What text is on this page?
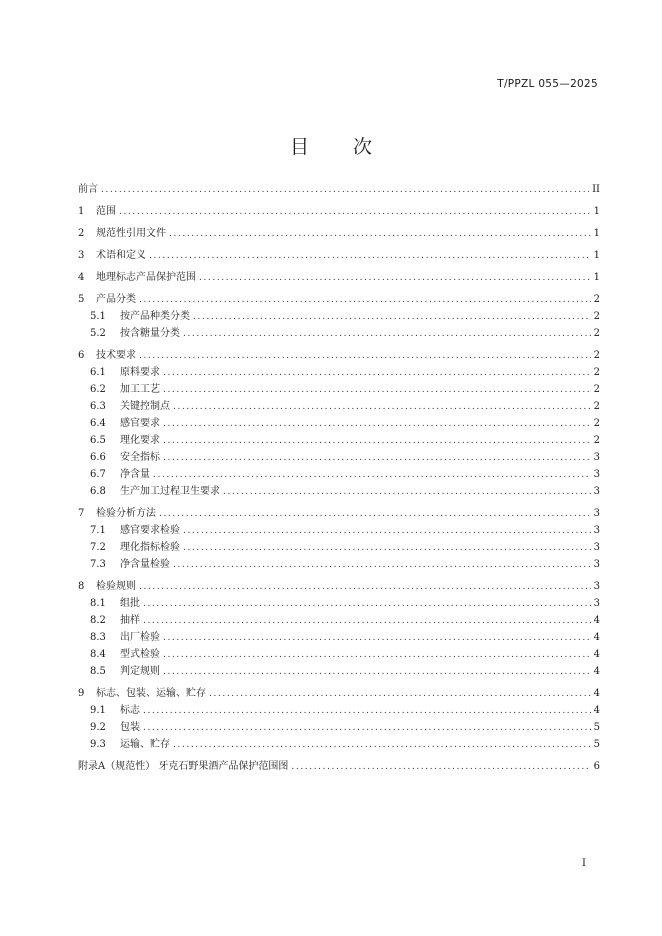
T/PPZL 055—2025
目 次
前言 .....	II
1	范围 .....	1
2	规范性引用文件 .....	1
3	术语和定义 .....	1
4	地理标志产品保护范围 .....	1
5	产品分类 .....	2
5.1	按产品种类分类 .....	2
5.2	按含糖量分类 .....	2
6	技术要求 .....	2
6.1	原料要求 .....	2
6.2	加工工艺 .....	2
6.3	关键控制点 .....	2
6.4	感官要求 .....	2
6.5	理化要求 .....	2
6.6	安全指标 .....	3
6.7	净含量 .....	3
6.8	生产加工过程卫生要求 .....	3
7	检验分析方法 .....	3
7.1	感官要求检验 .....	3
7.2	理化指标检验 .....	3
7.3	净含量检验 .....	3
8	检验规则 .....	3
8.1	组批 .....	3
8.2	抽样 .....	4
8.3	出厂检验 .....	4
8.4	型式检验 .....	4
8.5	判定规则 .....	4
9	标志、包装、运输、贮存 .....	4
9.1	标志 .....	4
9.2	包装 .....	5
9.3	运输、贮存 .....	5
附录A（规范性） 牙克石野果酒产品保护范围图 .....	6
I
